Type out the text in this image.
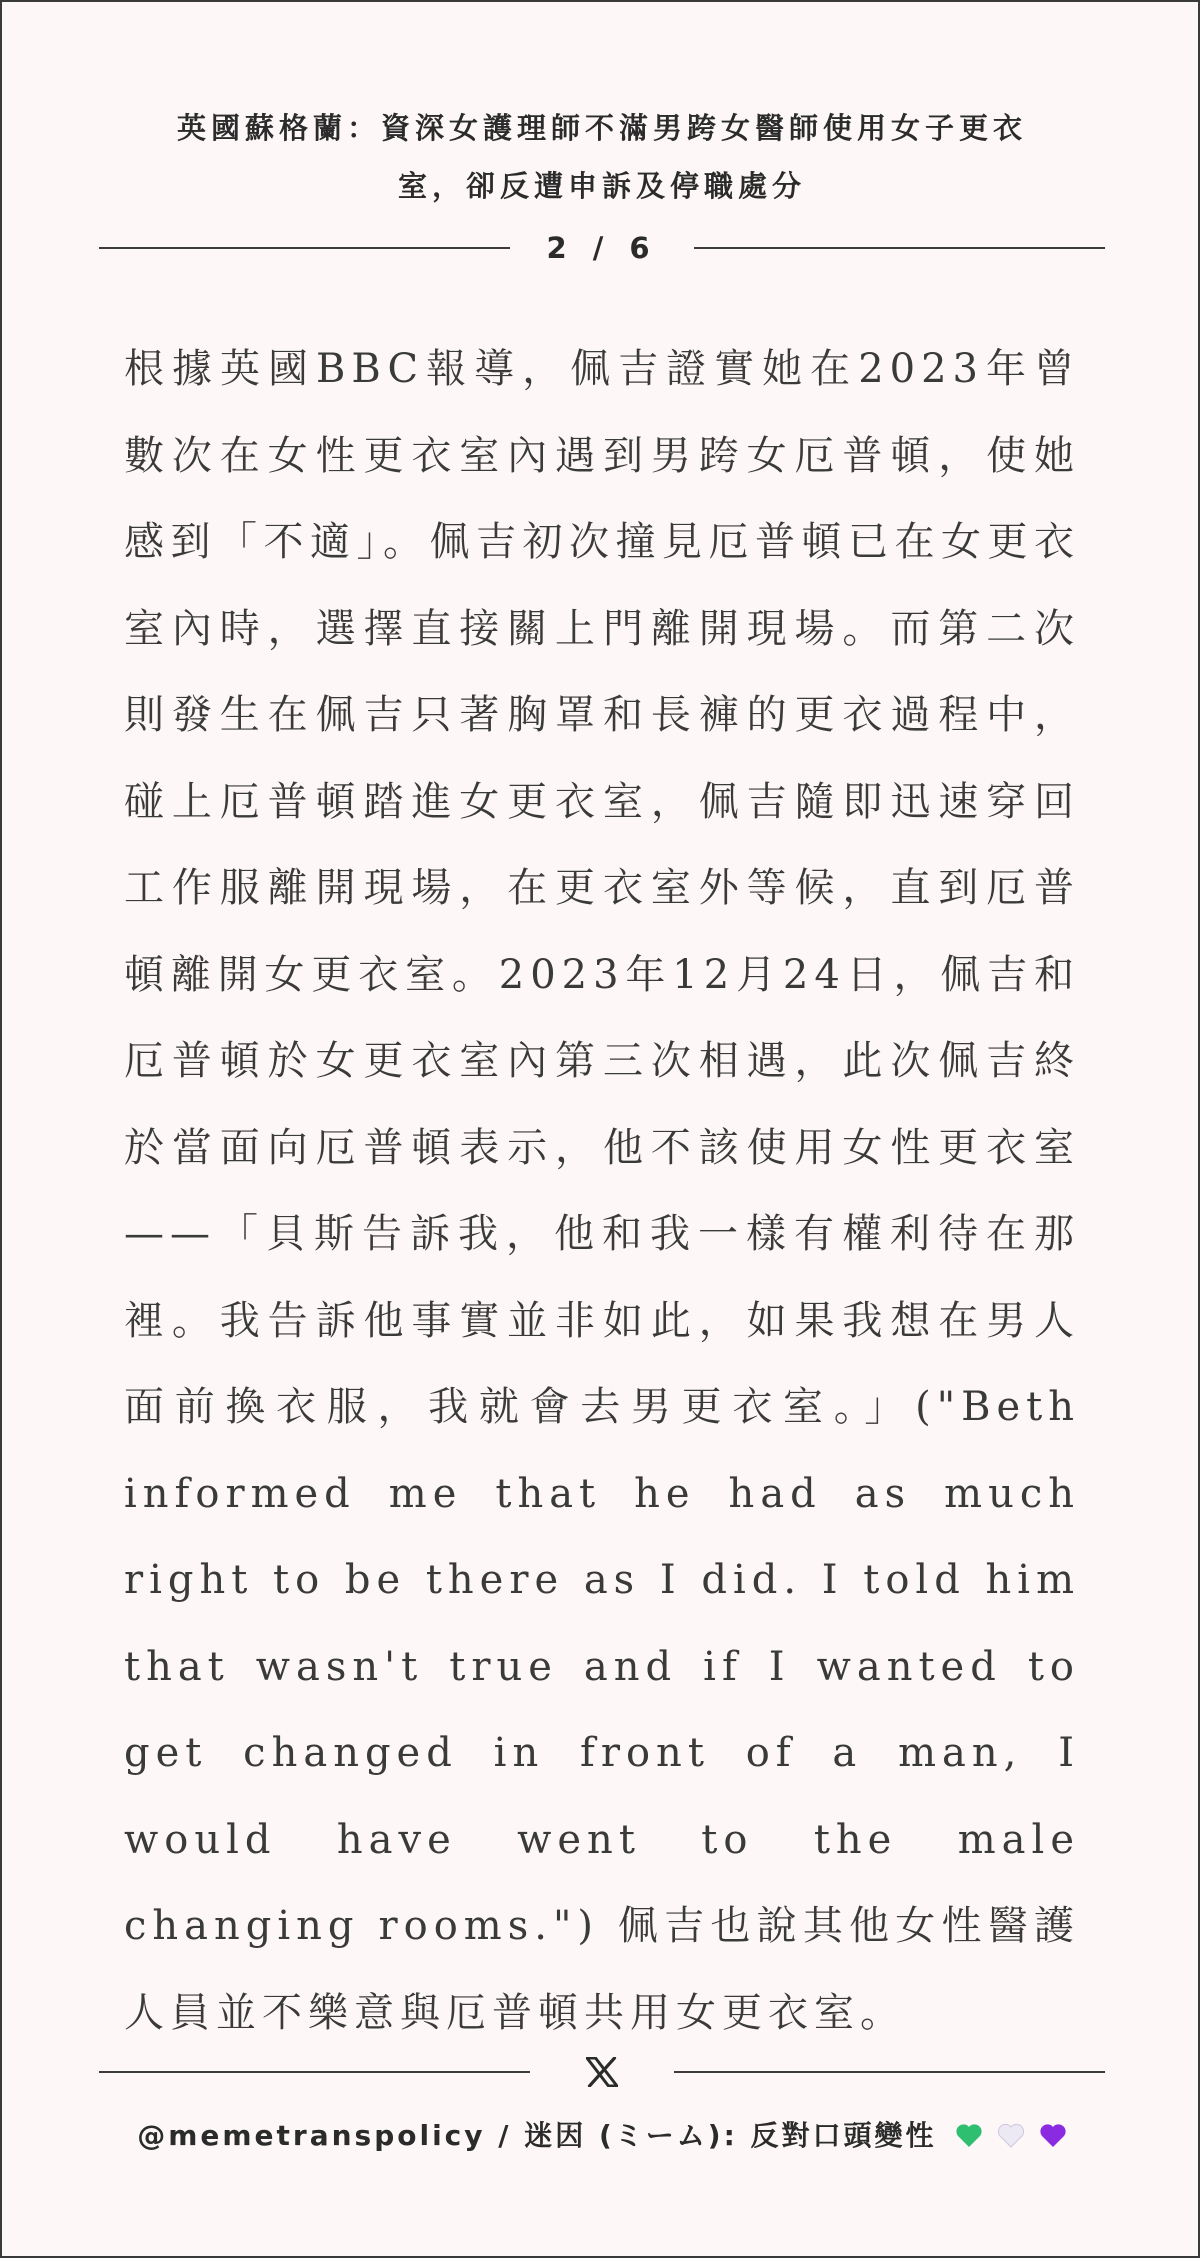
英國蘇格蘭：資深女護理師不滿男跨女醫師使用女子更衣
室，卻反遭申訴及停職處分
2 / 6

根據英國BBC報導，佩吉證實她在2023年曾數次在女性更衣室內遇到男跨女厄普頓，使她感到「不適」。佩吉初次撞見厄普頓已在女更衣室內時，選擇直接關上門離開現場。而第二次則發生在佩吉只著胸罩和長褲的更衣過程中，碰上厄普頓踏進女更衣室，佩吉隨即迅速穿回工作服離開現場，在更衣室外等候，直到厄普頓離開女更衣室。2023年12月24日，佩吉和厄普頓於女更衣室內第三次相遇，此次佩吉終於當面向厄普頓表示，他不該使用女性更衣室——「貝斯告訴我，他和我一樣有權利待在那裡。我告訴他事實並非如此，如果我想在男人面前換衣服，我就會去男更衣室。」("Beth informed me that he had as much right to be there as I did. I told him that wasn't true and if I wanted to get changed in front of a man, I would have went to the male changing rooms.") 佩吉也說其他女性醫護人員並不樂意與厄普頓共用女更衣室。

@memetranspolicy / 迷因 (ミーム): 反對口頭變性
